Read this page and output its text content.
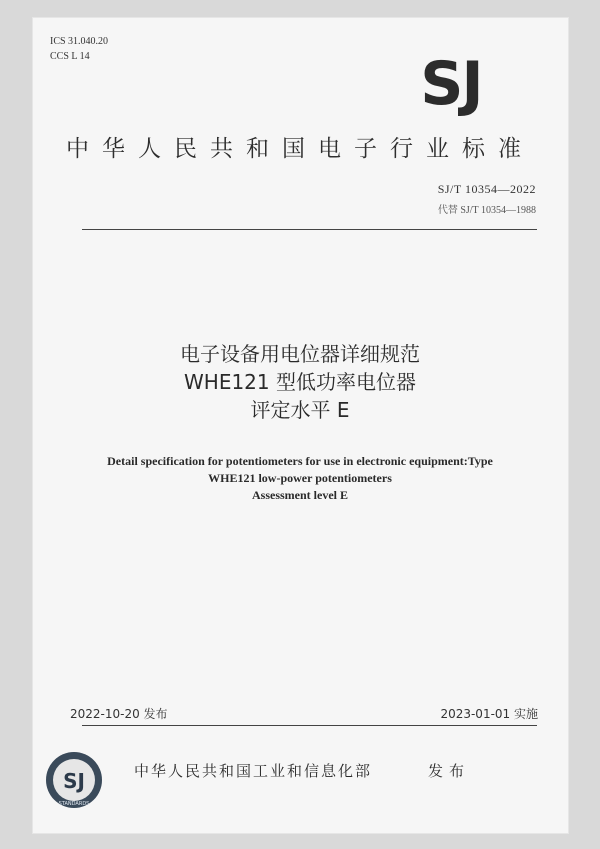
ICS 31.040.20
CCS L 14	SJ
中华人民共和国电子行业标准
SJ/T 10354—2022
代替 SJ/T 10354—1988
电子设备用电位器详细规范
WHE121 型低功率电位器
评定水平 E
Detail specification for potentiometers for use in electronic equipment:Type
WHE121 low-power potentiometers
Assessment level E
2022-10-20 发布	2023-01-01 实施
SJ
STANDARDS
中华人民共和国工业和信息化部	发布
